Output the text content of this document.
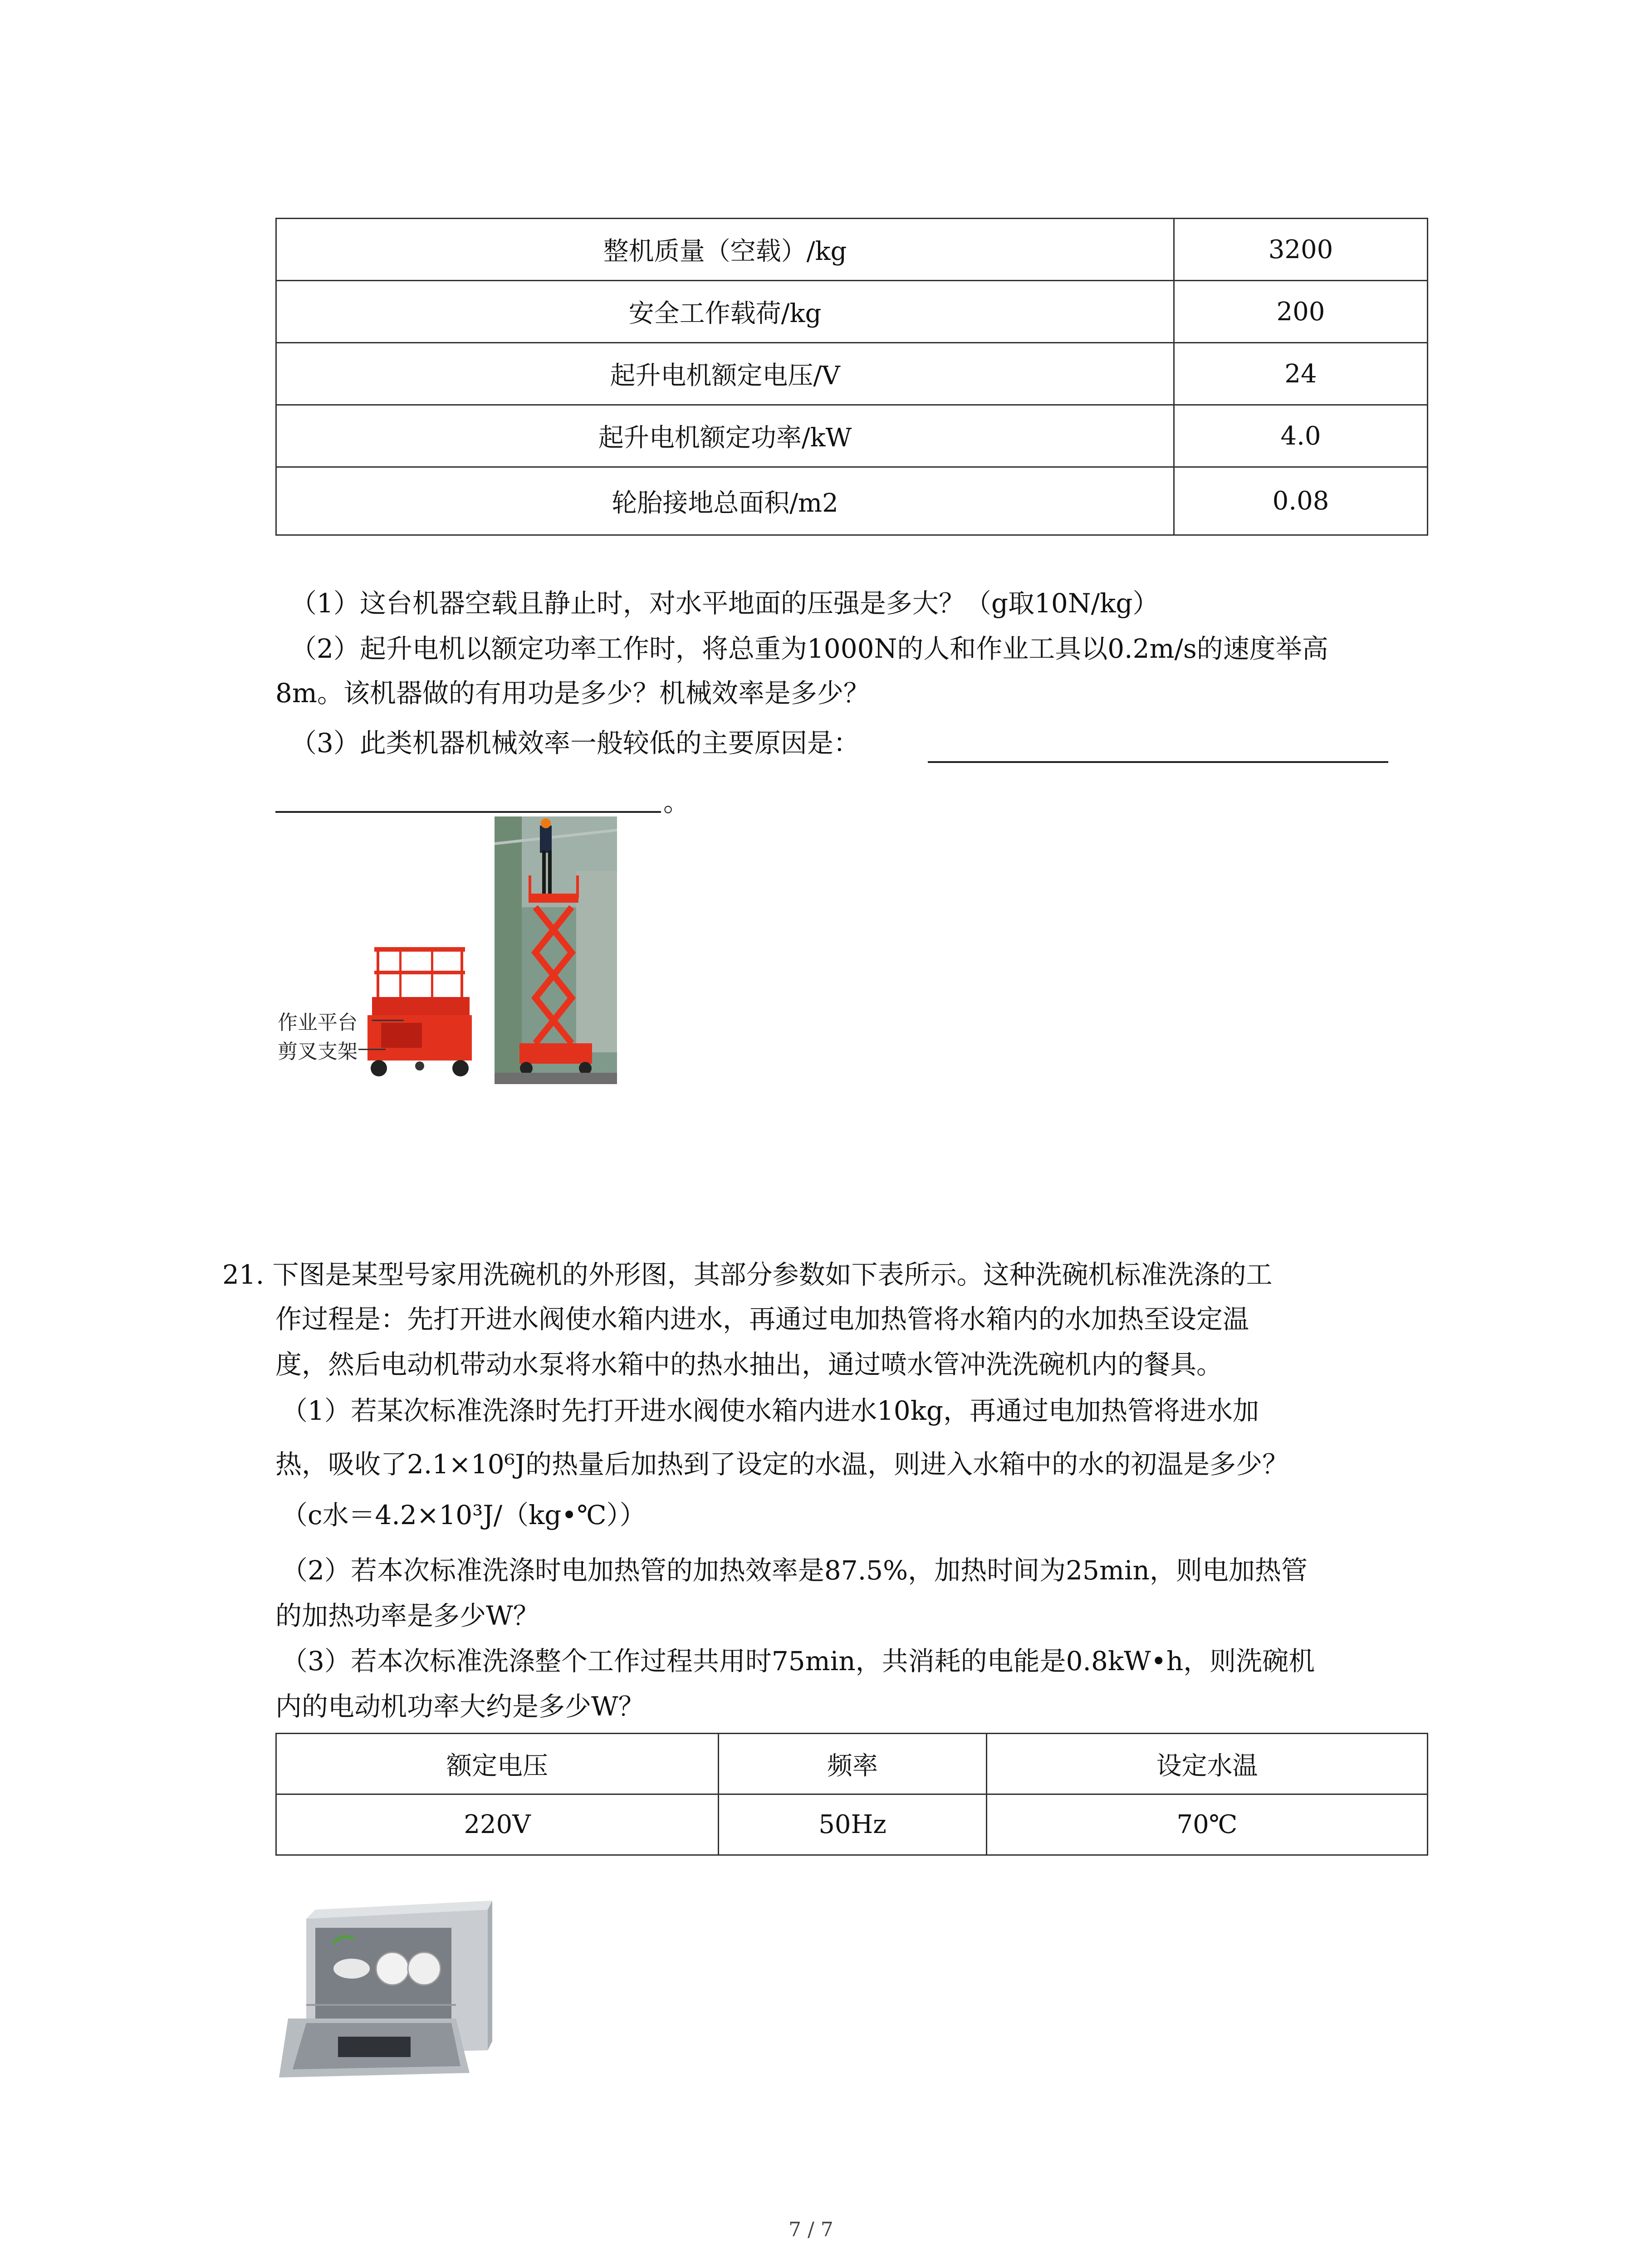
整机质量（空载）/kg	3200
安全工作载荷/kg	200
起升电机额定电压/V	24
起升电机额定功率/kW	4.0
轮胎接地总面积/m2	0.08
（1）这台机器空载且静止时，对水平地面的压强是多大？（g取10N/kg）
（2）起升电机以额定功率工作时，将总重为1000N的人和作业工具以0.2m/s的速度举高
8m。该机器做的有用功是多少？机械效率是多少？
（3）此类机器机械效率一般较低的主要原因是：
。
作业平台
剪叉支架
21. 下图是某型号家用洗碗机的外形图，其部分参数如下表所示。这种洗碗机标准洗涤的工
作过程是：先打开进水阀使水箱内进水，再通过电加热管将水箱内的水加热至设定温
度，然后电动机带动水泵将水箱中的热水抽出，通过喷水管冲洗洗碗机内的餐具。
（1）若某次标准洗涤时先打开进水阀使水箱内进水10kg，再通过电加热管将进水加
热，吸收了2.1×10⁶J的热量后加热到了设定的水温，则进入水箱中的水的初温是多少？
（c水＝4.2×10³J/（kg•℃））
（2）若本次标准洗涤时电加热管的加热效率是87.5%，加热时间为25min，则电加热管
的加热功率是多少W？
（3）若本次标准洗涤整个工作过程共用时75min，共消耗的电能是0.8kW•h，则洗碗机
内的电动机功率大约是多少W？
额定电压	频率	设定水温
220V	50Hz	70℃
7 / 7
